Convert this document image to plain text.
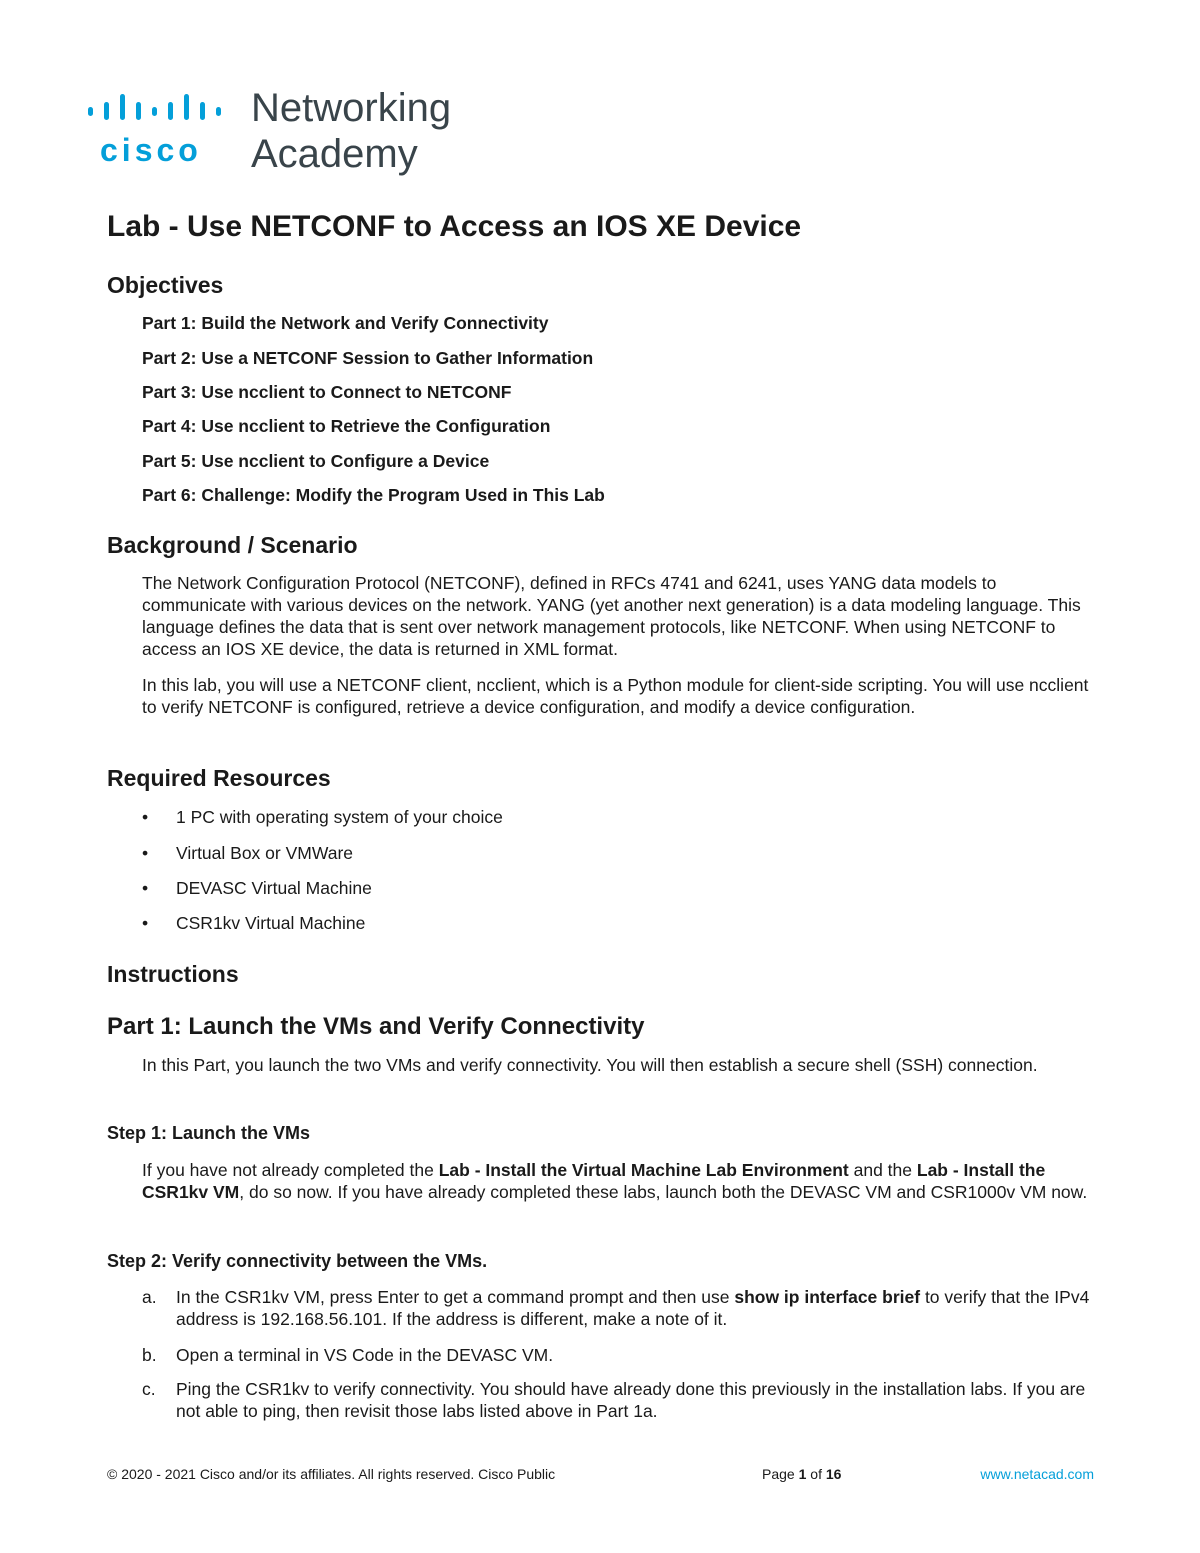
cisco
Networking
Academy
Lab - Use NETCONF to Access an IOS XE Device
Objectives
Part 1: Build the Network and Verify Connectivity
Part 2: Use a NETCONF Session to Gather Information
Part 3: Use ncclient to Connect to NETCONF
Part 4: Use ncclient to Retrieve the Configuration
Part 5: Use ncclient to Configure a Device
Part 6: Challenge: Modify the Program Used in This Lab
Background / Scenario

The Network Configuration Protocol (NETCONF), defined in RFCs 4741 and 6241, uses YANG data models to communicate with various devices on the network. YANG (yet another next generation) is a data modeling language. This language defines the data that is sent over network management protocols, like NETCONF. When using NETCONF to access an IOS XE device, the data is returned in XML format.

In this lab, you will use a NETCONF client, ncclient, which is a Python module for client-side scripting. You will use ncclient to verify NETCONF is configured, retrieve a device configuration, and modify a device configuration.

Required Resources
• 1 PC with operating system of your choice
• Virtual Box or VMWare
• DEVASC Virtual Machine
• CSR1kv Virtual Machine
Instructions
Part 1: Launch the VMs and Verify Connectivity

In this Part, you launch the two VMs and verify connectivity. You will then establish a secure shell (SSH) connection.

Step 1: Launch the VMs

If you have not already completed the Lab - Install the Virtual Machine Lab Environment and the Lab - Install the CSR1kv VM, do so now. If you have already completed these labs, launch both the DEVASC VM and CSR1000v VM now.

Step 2: Verify connectivity between the VMs.
a.	In the CSR1kv VM, press Enter to get a command prompt and then use show ip interface brief to verify that the IPv4 address is 192.168.56.101. If the address is different, make a note of it.
b.	Open a terminal in VS Code in the DEVASC VM.
c.	Ping the CSR1kv to verify connectivity. You should have already done this previously in the installation labs. If you are not able to ping, then revisit those labs listed above in Part 1a.
© 2020 - 2021 Cisco and/or its affiliates. All rights reserved. Cisco Public	Page 1 of 16	www.netacad.com
